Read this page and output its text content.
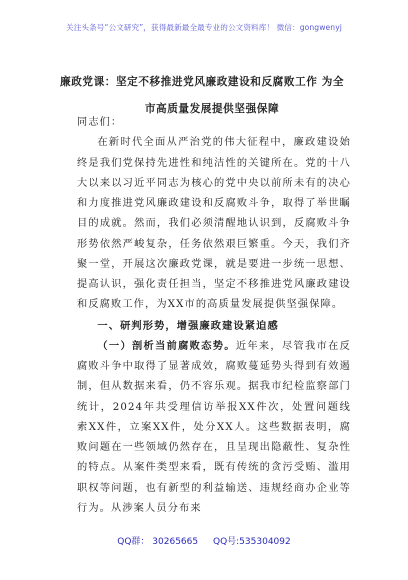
关注头条号“公文研究”，获得最新最全最专业的公文资料库！ 微信：gongwenyj
廉政党课：坚定不移推进党风廉政建设和反腐败工作 为全
市高质量发展提供坚强保障

同志们：

在新时代全面从严治党的伟大征程中，廉政建设始终是我们党保持先进性和纯洁性的关键所在。党的十八大以来以习近平同志为核心的党中央以前所未有的决心和力度推进党风廉政建设和反腐败斗争，取得了举世瞩目的成就。然而，我们必须清醒地认识到，反腐败斗争形势依然严峻复杂，任务依然艰巨繁重。今天，我们齐聚一堂，开展这次廉政党课，就是要进一步统一思想、提高认识，强化责任担当，坚定不移推进党风廉政建设和反腐败工作，为XX市的高质量发展提供坚强保障。

一、研判形势，增强廉政建设紧迫感

（一）剖析当前腐败态势。近年来，尽管我市在反腐败斗争中取得了显著成效，腐败蔓延势头得到有效遏制，但从数据来看，仍不容乐观。据我市纪检监察部门统计，2024年共受理信访举报XX件次，处置问题线索XX件，立案XX件，处分XX人。这些数据表明，腐败问题在一些领域仍然存在，且呈现出隐蔽性、复杂性的特点。从案件类型来看，既有传统的贪污受贿、滥用职权等问题，也有新型的利益输送、违规经商办企业等行为。从涉案人员分布来

QQ群： 30265665 QQ号:535304092
